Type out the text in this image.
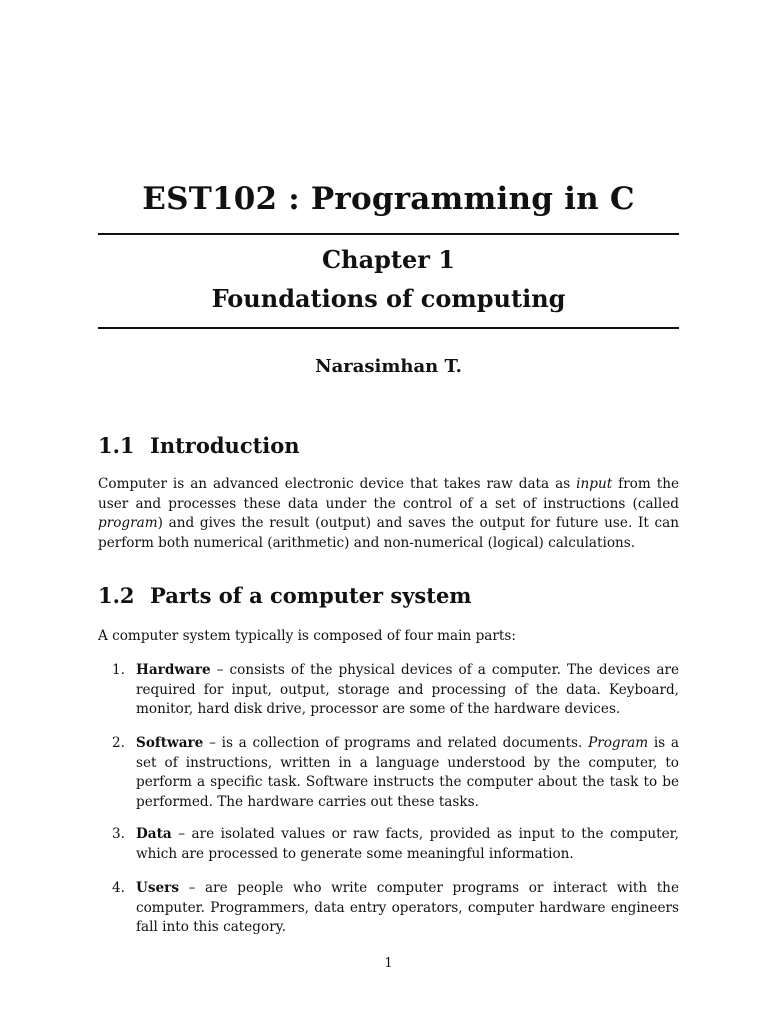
EST102 : Programming in C
Chapter 1
Foundations of computing
Narasimhan T.
1.1 Introduction
Computer is an advanced electronic device that takes raw data as input from the user and processes these data under the control of a set of instructions (called program) and gives the result (output) and saves the output for future use. It can perform both numerical (arithmetic) and non-numerical (logical) calculations.
1.2 Parts of a computer system
A computer system typically is composed of four main parts:
1. Hardware – consists of the physical devices of a computer. The devices are required for input, output, storage and processing of the data. Keyboard, monitor, hard disk drive, processor are some of the hardware devices.
2. Software – is a collection of programs and related documents. Program is a set of instructions, written in a language understood by the computer, to perform a specific task. Software instructs the computer about the task to be performed. The hardware carries out these tasks.
3. Data – are isolated values or raw facts, provided as input to the computer, which are processed to generate some meaningful information.
4. Users – are people who write computer programs or interact with the computer. Programmers, data entry operators, computer hardware engineers fall into this category.
1
